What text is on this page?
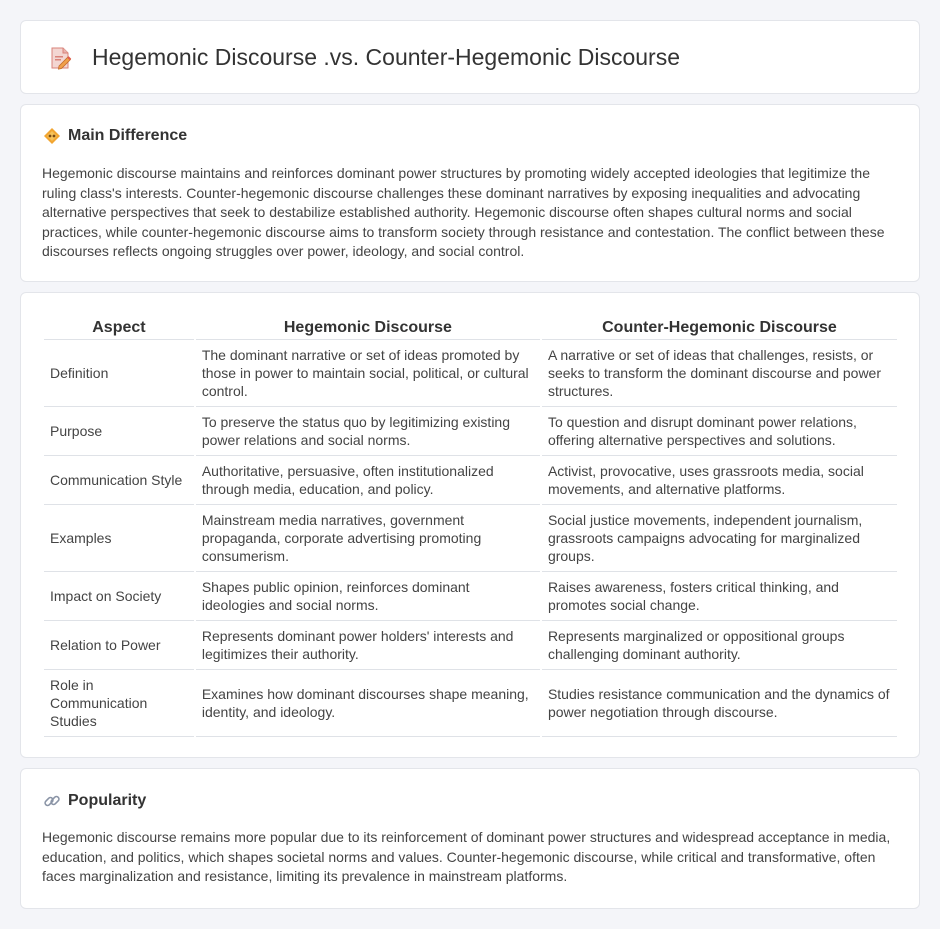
Hegemonic Discourse .vs. Counter-Hegemonic Discourse
Main Difference

Hegemonic discourse maintains and reinforces dominant power structures by promoting widely accepted ideologies that legitimize the ruling class's interests. Counter-hegemonic discourse challenges these dominant narratives by exposing inequalities and advocating alternative perspectives that seek to destabilize established authority. Hegemonic discourse often shapes cultural norms and social practices, while counter-hegemonic discourse aims to transform society through resistance and contestation. The conflict between these discourses reflects ongoing struggles over power, ideology, and social control.

Aspect	Hegemonic Discourse	Counter-Hegemonic Discourse
Definition	The dominant narrative or set of ideas promoted by those in power to maintain social, political, or cultural control.	A narrative or set of ideas that challenges, resists, or seeks to transform the dominant discourse and power structures.
Purpose	To preserve the status quo by legitimizing existing power relations and social norms.	To question and disrupt dominant power relations, offering alternative perspectives and solutions.
Communication Style	Authoritative, persuasive, often institutionalized through media, education, and policy.	Activist, provocative, uses grassroots media, social movements, and alternative platforms.
Examples	Mainstream media narratives, government propaganda, corporate advertising promoting consumerism.	Social justice movements, independent journalism, grassroots campaigns advocating for marginalized groups.
Impact on Society	Shapes public opinion, reinforces dominant ideologies and social norms.	Raises awareness, fosters critical thinking, and promotes social change.
Relation to Power	Represents dominant power holders' interests and legitimizes their authority.	Represents marginalized or oppositional groups challenging dominant authority.
Role in Communication Studies	Examines how dominant discourses shape meaning, identity, and ideology.	Studies resistance communication and the dynamics of power negotiation through discourse.
Popularity

Hegemonic discourse remains more popular due to its reinforcement of dominant power structures and widespread acceptance in media, education, and politics, which shapes societal norms and values. Counter-hegemonic discourse, while critical and transformative, often faces marginalization and resistance, limiting its prevalence in mainstream platforms.
